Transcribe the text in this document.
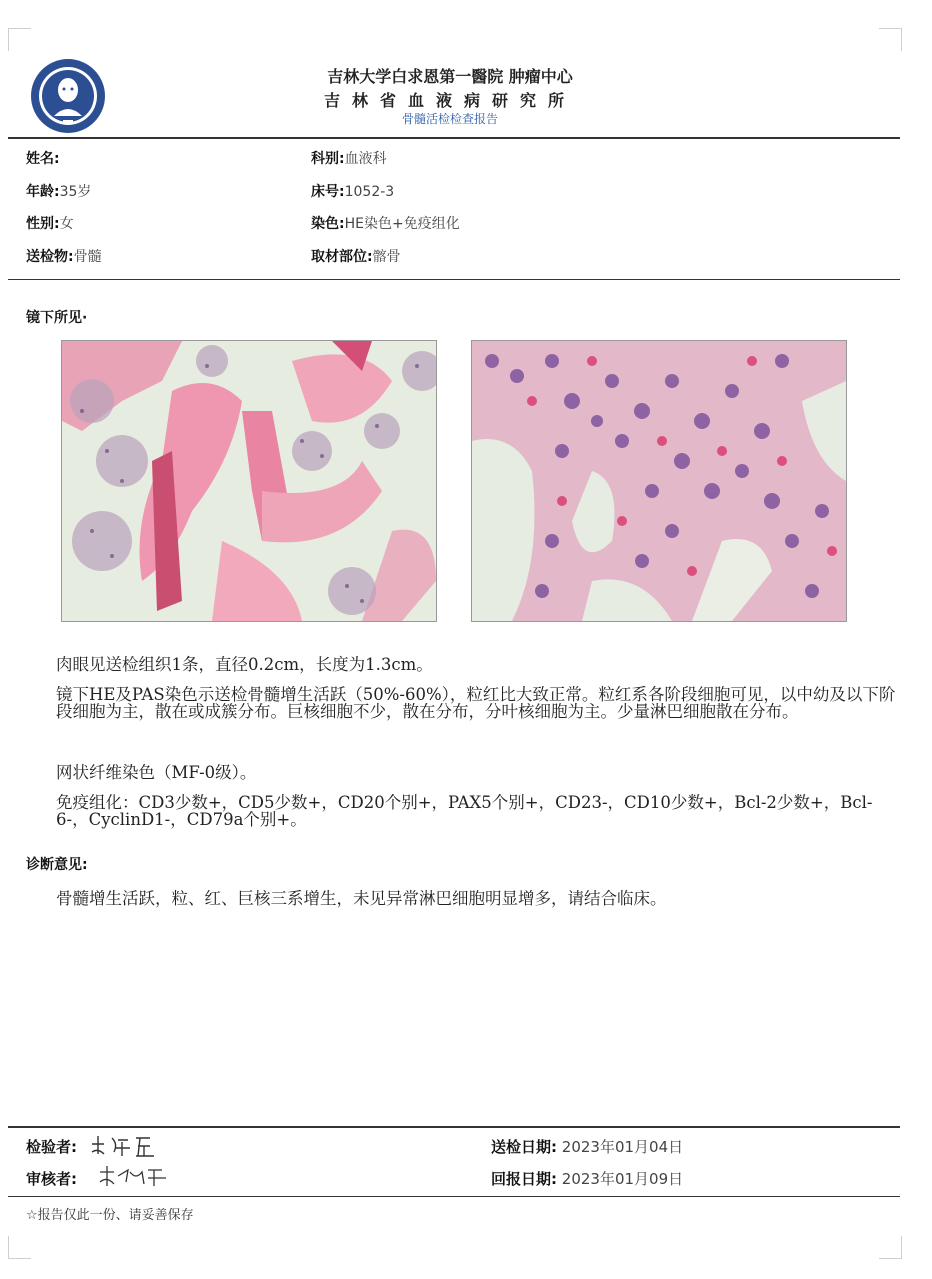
吉林大学白求恩第一醫院 肿瘤中心
吉林省血液病研究所
骨髓活检检查报告
姓名:
年龄:35岁
性别:女
送检物:骨髓
科别:血液科
床号:1052-3
染色:HE染色+免疫组化
取材部位:髂骨
镜下所见·
肉眼见送检组织1条，直径0.2cm，长度为1.3cm。
镜下HE及PAS染色示送检骨髓增生活跃（50%-60%），粒红比大致正常。粒红系各阶段细胞可见，以中幼及以下阶段细胞为主，散在或成簇分布。巨核细胞不少，散在分布，分叶核细胞为主。少量淋巴细胞散在分布。
网状纤维染色（MF-0级）。
免疫组化：CD3少数+，CD5少数+，CD20个别+，PAX5个别+，CD23-，CD10少数+，Bcl-2少数+，Bcl-6-，CyclinD1-，CD79a个别+。
诊断意见:
骨髓增生活跃，粒、红、巨核三系增生，未见异常淋巴细胞明显增多，请结合临床。
检验者:
审核者:
送检日期: 2023年01月04日
回报日期: 2023年01月09日
☆报告仅此一份、请妥善保存
